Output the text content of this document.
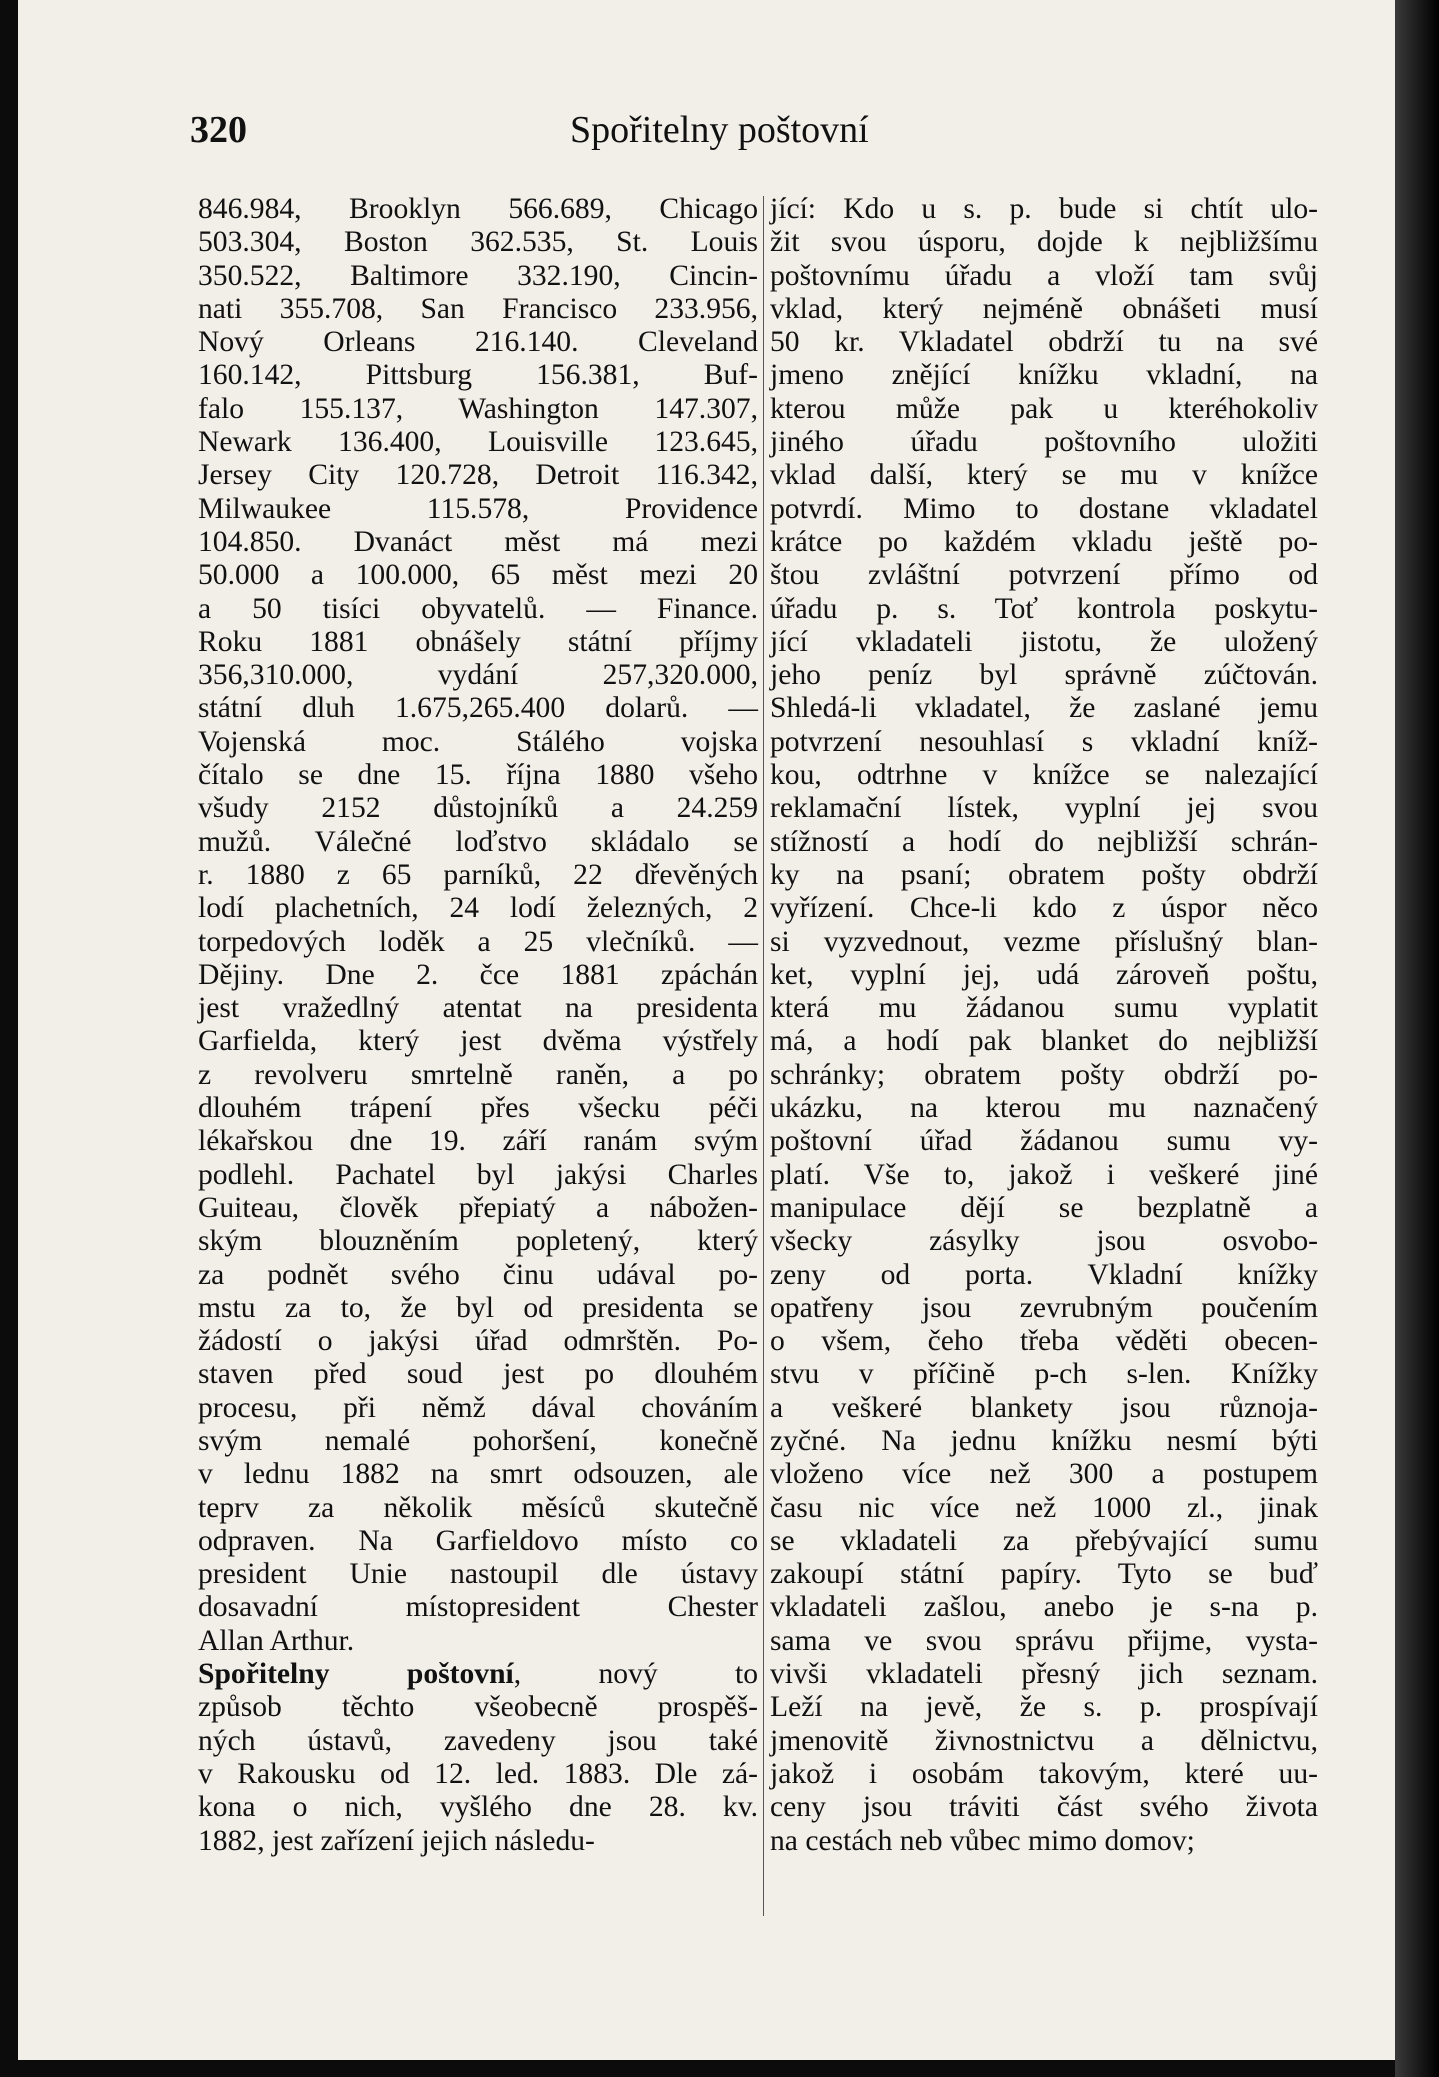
320	Spořitelny poštovní
846.984, Brooklyn 566.689, Chicago
503.304, Boston 362.535, St. Louis
350.522, Baltimore 332.190, Cincin-
nati 355.708, San Francisco 233.956,
Nový Orleans 216.140. Cleveland
160.142, Pittsburg 156.381, Buf-
falo 155.137, Washington 147.307,
Newark 136.400, Louisville 123.645,
Jersey City 120.728, Detroit 116.342,
Milwaukee 115.578, Providence
104.850. Dvanáct měst má mezi
50.000 a 100.000, 65 měst mezi 20
a 50 tisíci obyvatelů. — Finance.
Roku 1881 obnášely státní příjmy
356,310.000, vydání 257,320.000,
státní dluh 1.675,265.400 dolarů. —
Vojenská moc. Stálého vojska
čítalo se dne 15. října 1880 všeho
všudy 2152 důstojníků a 24.259
mužů. Válečné loďstvo skládalo se
r. 1880 z 65 parníků, 22 dřevěných
lodí plachetních, 24 lodí železných, 2
torpedových loděk a 25 vlečníků. —
Dějiny. Dne 2. čce 1881 zpáchán
jest vražedlný atentat na presidenta
Garfielda, který jest dvěma výstřely
z revolveru smrtelně raněn, a po
dlouhém trápení přes všecku péči
lékařskou dne 19. září ranám svým
podlehl. Pachatel byl jakýsi Charles
Guiteau, člověk přepiatý a nábožen-
ským blouzněním popletený, který
za podnět svého činu udával po-
mstu za to, že byl od presidenta se
žádostí o jakýsi úřad odmrštěn. Po-
staven před soud jest po dlouhém
procesu, při němž dával chováním
svým nemalé pohoršení, konečně
v lednu 1882 na smrt odsouzen, ale
teprv za několik měsíců skutečně
odpraven. Na Garfieldovo místo co
president Unie nastoupil dle ústavy
dosavadní místopresident Chester
Allan Arthur.
Spořitelny poštovní, nový to
způsob těchto všeobecně prospěš-
ných ústavů, zavedeny jsou také
v Rakousku od 12. led. 1883. Dle zá-
kona o nich, vyšlého dne 28. kv.
1882, jest zařízení jejich následu-
jící: Kdo u s. p. bude si chtít ulo-
žit svou úsporu, dojde k nejbližšímu
poštovnímu úřadu a vloží tam svůj
vklad, který nejméně obnášeti musí
50 kr. Vkladatel obdrží tu na své
jmeno znějící knížku vkladní, na
kterou může pak u kteréhokoliv
jiného úřadu poštovního uložiti
vklad další, který se mu v knížce
potvrdí. Mimo to dostane vkladatel
krátce po každém vkladu ještě po-
štou zvláštní potvrzení přímo od
úřadu p. s. Toť kontrola poskytu-
jící vkladateli jistotu, že uložený
jeho peníz byl správně zúčtován.
Shledá-li vkladatel, že zaslané jemu
potvrzení nesouhlasí s vkladní kníž-
kou, odtrhne v knížce se nalezající
reklamační lístek, vyplní jej svou
stížností a hodí do nejbližší schrán-
ky na psaní; obratem pošty obdrží
vyřízení. Chce-li kdo z úspor něco
si vyzvednout, vezme příslušný blan-
ket, vyplní jej, udá zároveň poštu,
která mu žádanou sumu vyplatit
má, a hodí pak blanket do nejbližší
schránky; obratem pošty obdrží po-
ukázku, na kterou mu naznačený
poštovní úřad žádanou sumu vy-
platí. Vše to, jakož i veškeré jiné
manipulace dějí se bezplatně a
všecky zásylky jsou osvobo-
zeny od porta. Vkladní knížky
opatřeny jsou zevrubným poučením
o všem, čeho třeba věděti obecen-
stvu v příčině p-ch s-len. Knížky
a veškeré blankety jsou různoja-
zyčné. Na jednu knížku nesmí býti
vloženo více než 300 a postupem
času nic více než 1000 zl., jinak
se vkladateli za přebývající sumu
zakoupí státní papíry. Tyto se buď
vkladateli zašlou, anebo je s-na p.
sama ve svou správu přijme, vysta-
vivši vkladateli přesný jich seznam.
Leží na jevě, že s. p. prospívají
jmenovitě živnostnictvu a dělnictvu,
jakož i osobám takovým, které uu-
ceny jsou tráviti část svého života
na cestách neb vůbec mimo domov;
